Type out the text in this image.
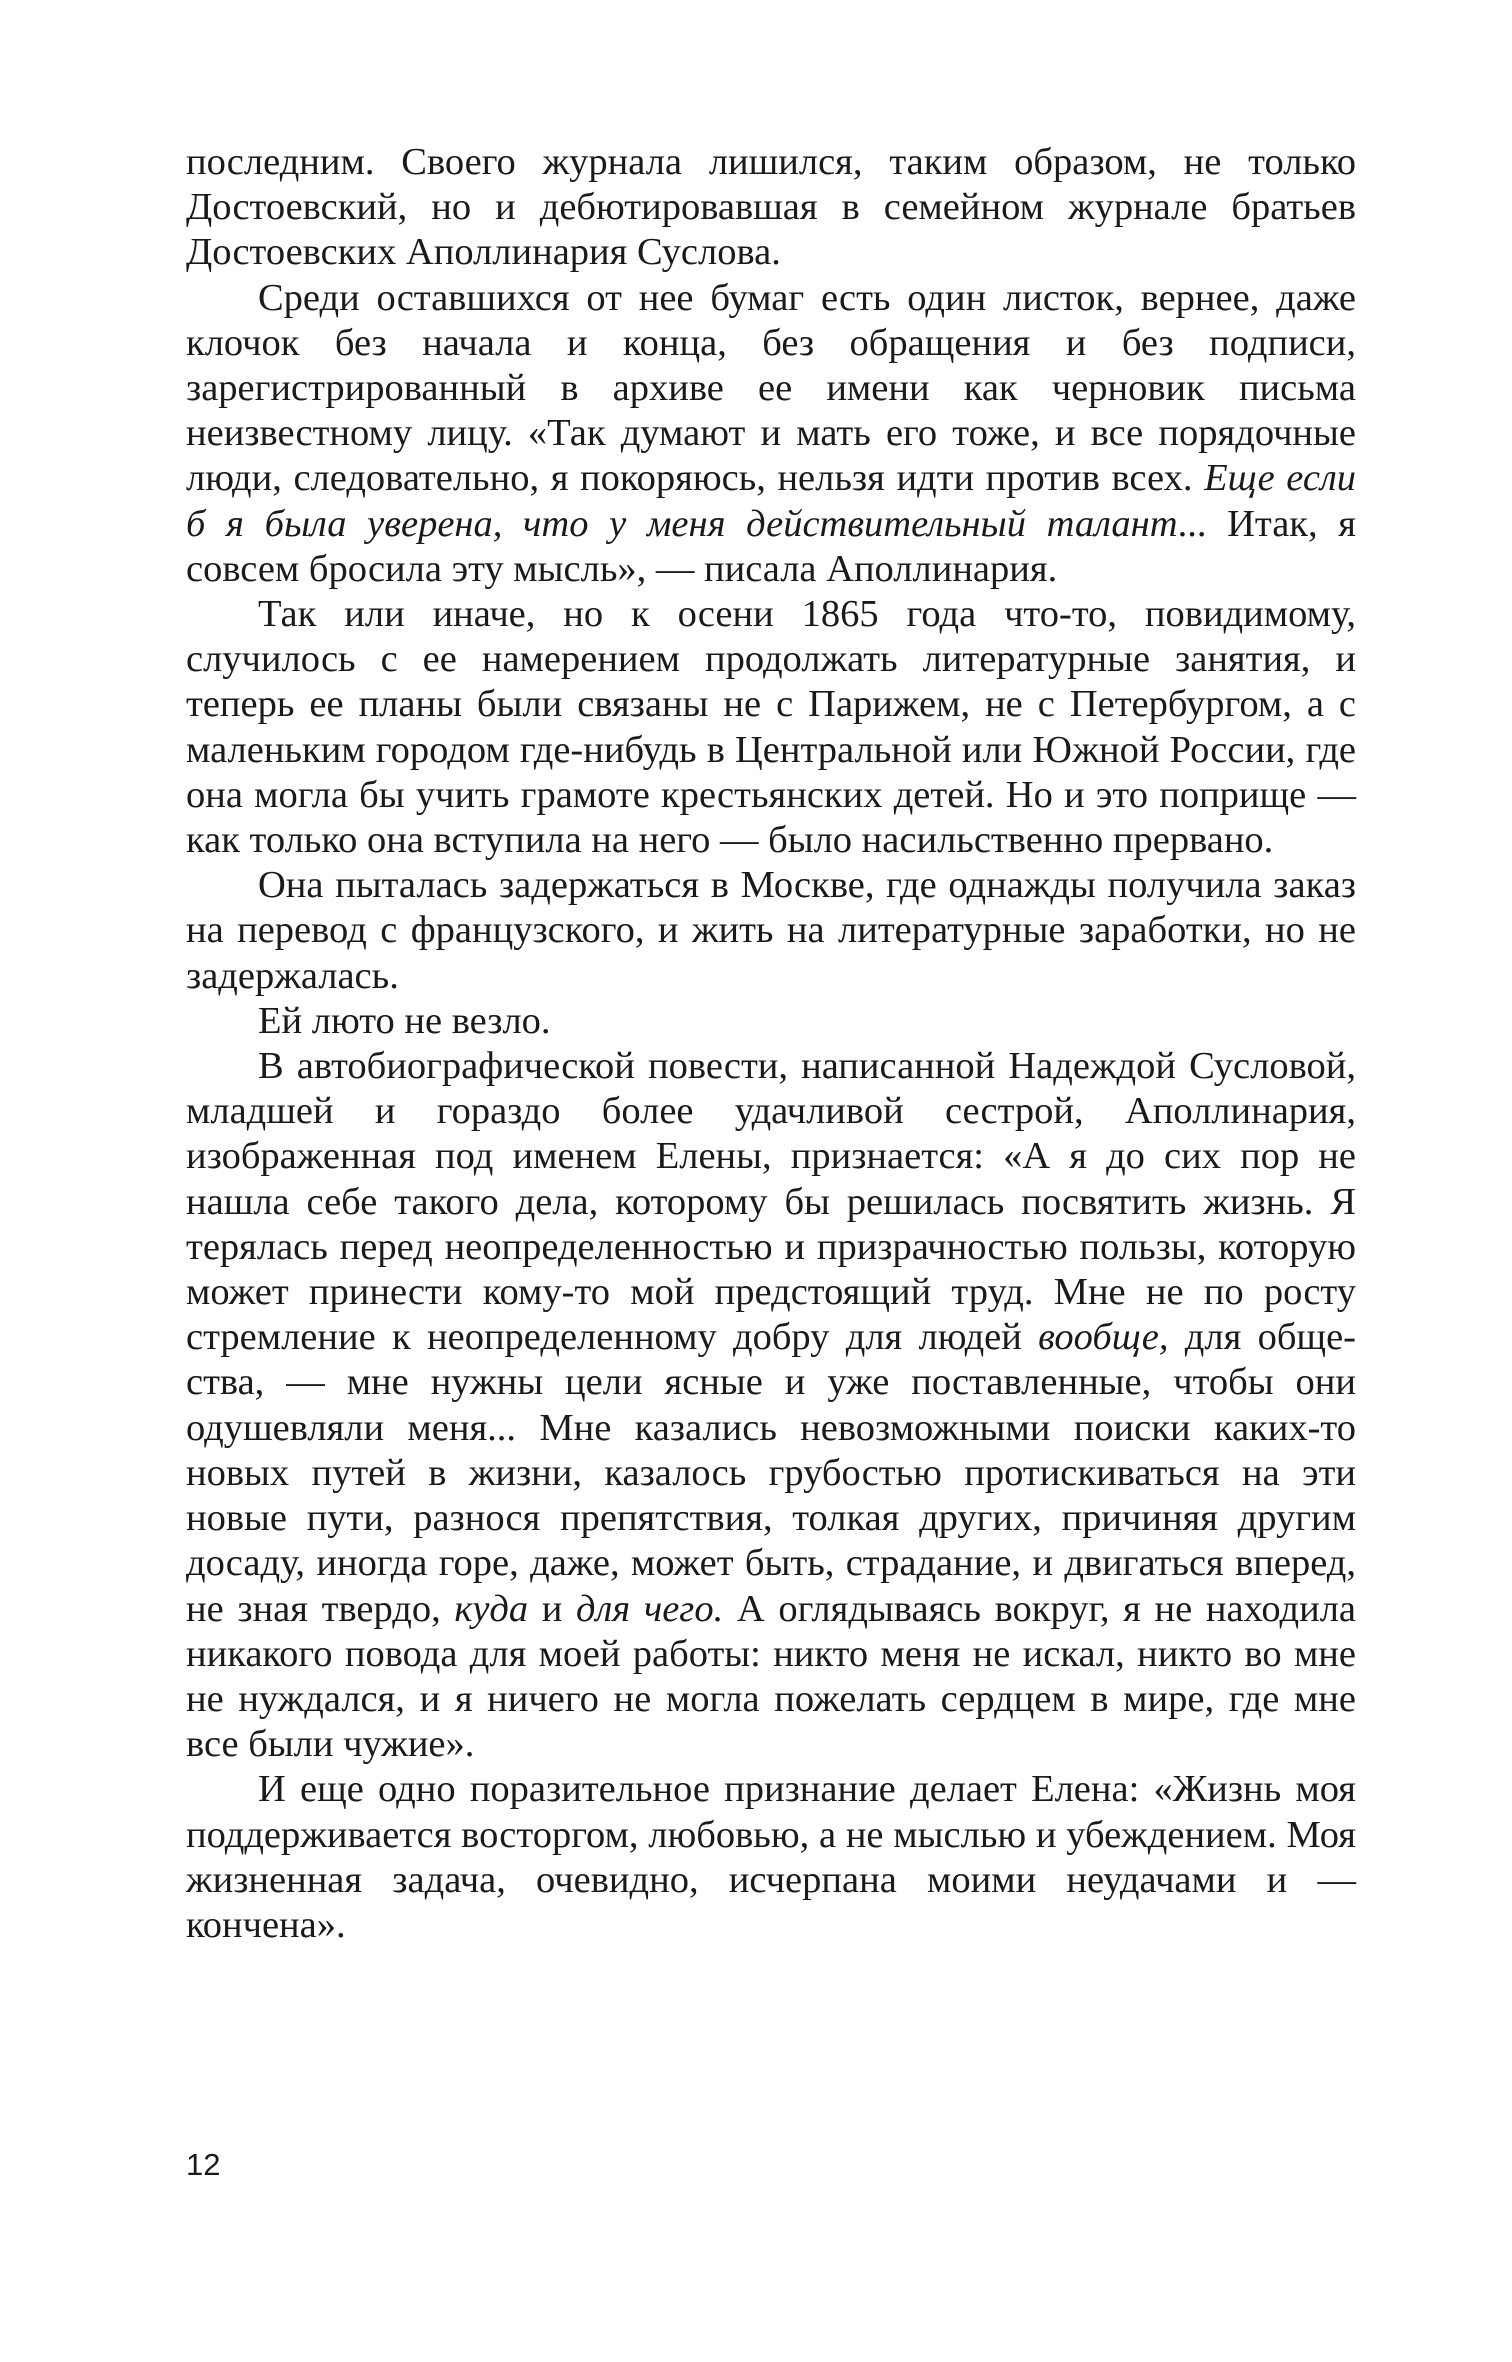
последним. Своего журнала лишился, таким образом, не только Достоевский, но и дебютировавшая в семейном журнале братьев Достоевских Аполлинария Суслова.

Среди оставшихся от нее бумаг есть один листок, вернее, даже клочок без начала и конца, без обращения и без подписи, зарегистрированный в архиве ее имени как черновик письма неизвестному лицу. «Так думают и мать его тоже, и все порядочные люди, следовательно, я покоряюсь, нельзя идти против всех. Еще если б я была уверена, что у меня действительный талант... Итак, я совсем бросила эту мысль», — писала Аполлинария.

Так или иначе, но к осени 1865 года что-то, повидимому, случилось с ее намерением продолжать литературные занятия, и теперь ее планы были связаны не с Парижем, не с Петербургом, а с маленьким городом где-нибудь в Центральной или Южной России, где она могла бы учить грамоте крестьянских детей. Но и это поприще — как только она вступила на него — было насильственно прервано.

Она пыталась задержаться в Москве, где однажды получила заказ на перевод с французского, и жить на литературные заработки, но не задержалась.

Ей люто не везло.

В автобиографической повести, написанной Надеждой Сусловой, младшей и гораздо более удачливой сестрой, Аполлинария, изображенная под именем Елены, признается: «А я до сих пор не нашла себе такого дела, которому бы решилась посвятить жизнь. Я терялась перед неопределенностью и призрачностью пользы, которую может принести кому-то мой предстоящий труд. Мне не по росту стремление к неопределенному добру для людей вообще, для общества, — мне нужны цели ясные и уже поставленные, чтобы они одушевляли меня... Мне казались невозможными поиски каких-то новых путей в жизни, казалось грубостью протискиваться на эти новые пути, разнося препятствия, толкая других, причиняя другим досаду, иногда горе, даже, может быть, страдание, и двигаться вперед, не зная твердо, куда и для чего. А оглядываясь вокруг, я не находила никакого повода для моей работы: никто меня не искал, никто во мне не нуждался, и я ничего не могла пожелать сердцем в мире, где мне все были чужие».

И еще одно поразительное признание делает Елена: «Жизнь моя поддерживается восторгом, любовью, а не мыслью и убеждением. Моя жизненная задача, очевидно, исчерпана моими неудачами и — кончена».

12
